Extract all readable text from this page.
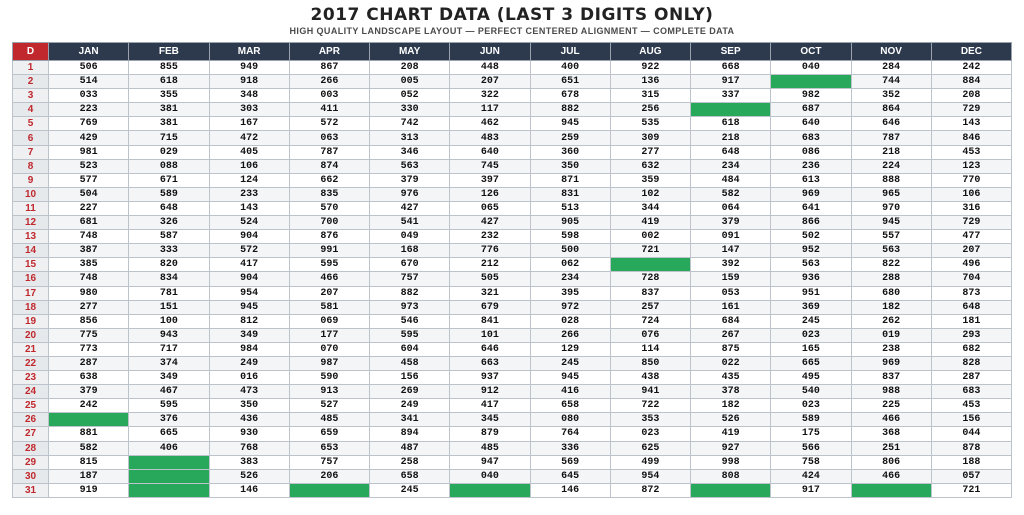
2017 CHART DATA (LAST 3 DIGITS ONLY)
HIGH QUALITY LANDSCAPE LAYOUT — PERFECT CENTERED ALIGNMENT — COMPLETE DATA
D	JAN	FEB	MAR	APR	MAY	JUN	JUL	AUG	SEP	OCT	NOV	DEC
1	506	855	949	867	208	448	400	922	668	040	284	242
2	514	618	918	266	005	207	651	136	917		744	884
3	033	355	348	003	052	322	678	315	337	982	352	208
4	223	381	303	411	330	117	882	256		687	864	729
5	769	381	167	572	742	462	945	535	618	640	646	143
6	429	715	472	063	313	483	259	309	218	683	787	846
7	981	029	405	787	346	640	360	277	648	086	218	453
8	523	088	106	874	563	745	350	632	234	236	224	123
9	577	671	124	662	379	397	871	359	484	613	888	770
10	504	589	233	835	976	126	831	102	582	969	965	106
11	227	648	143	570	427	065	513	344	064	641	970	316
12	681	326	524	700	541	427	905	419	379	866	945	729
13	748	587	904	876	049	232	598	002	091	502	557	477
14	387	333	572	991	168	776	500	721	147	952	563	207
15	385	820	417	595	670	212	062		392	563	822	496
16	748	834	904	466	757	505	234	728	159	936	288	704
17	980	781	954	207	882	321	395	837	053	951	680	873
18	277	151	945	581	973	679	972	257	161	369	182	648
19	856	100	812	069	546	841	028	724	684	245	262	181
20	775	943	349	177	595	101	266	076	267	023	019	293
21	773	717	984	070	604	646	129	114	875	165	238	682
22	287	374	249	987	458	663	245	850	022	665	969	828
23	638	349	016	590	156	937	945	438	435	495	837	287
24	379	467	473	913	269	912	416	941	378	540	988	683
25	242	595	350	527	249	417	658	722	182	023	225	453
26		376	436	485	341	345	080	353	526	589	466	156
27	881	665	930	659	894	879	764	023	419	175	368	044
28	582	406	768	653	487	485	336	625	927	566	251	878
29	815		383	757	258	947	569	499	998	758	806	188
30	187		526	206	658	040	645	954	808	424	466	057
31	919		146		245		146	872		917		721
